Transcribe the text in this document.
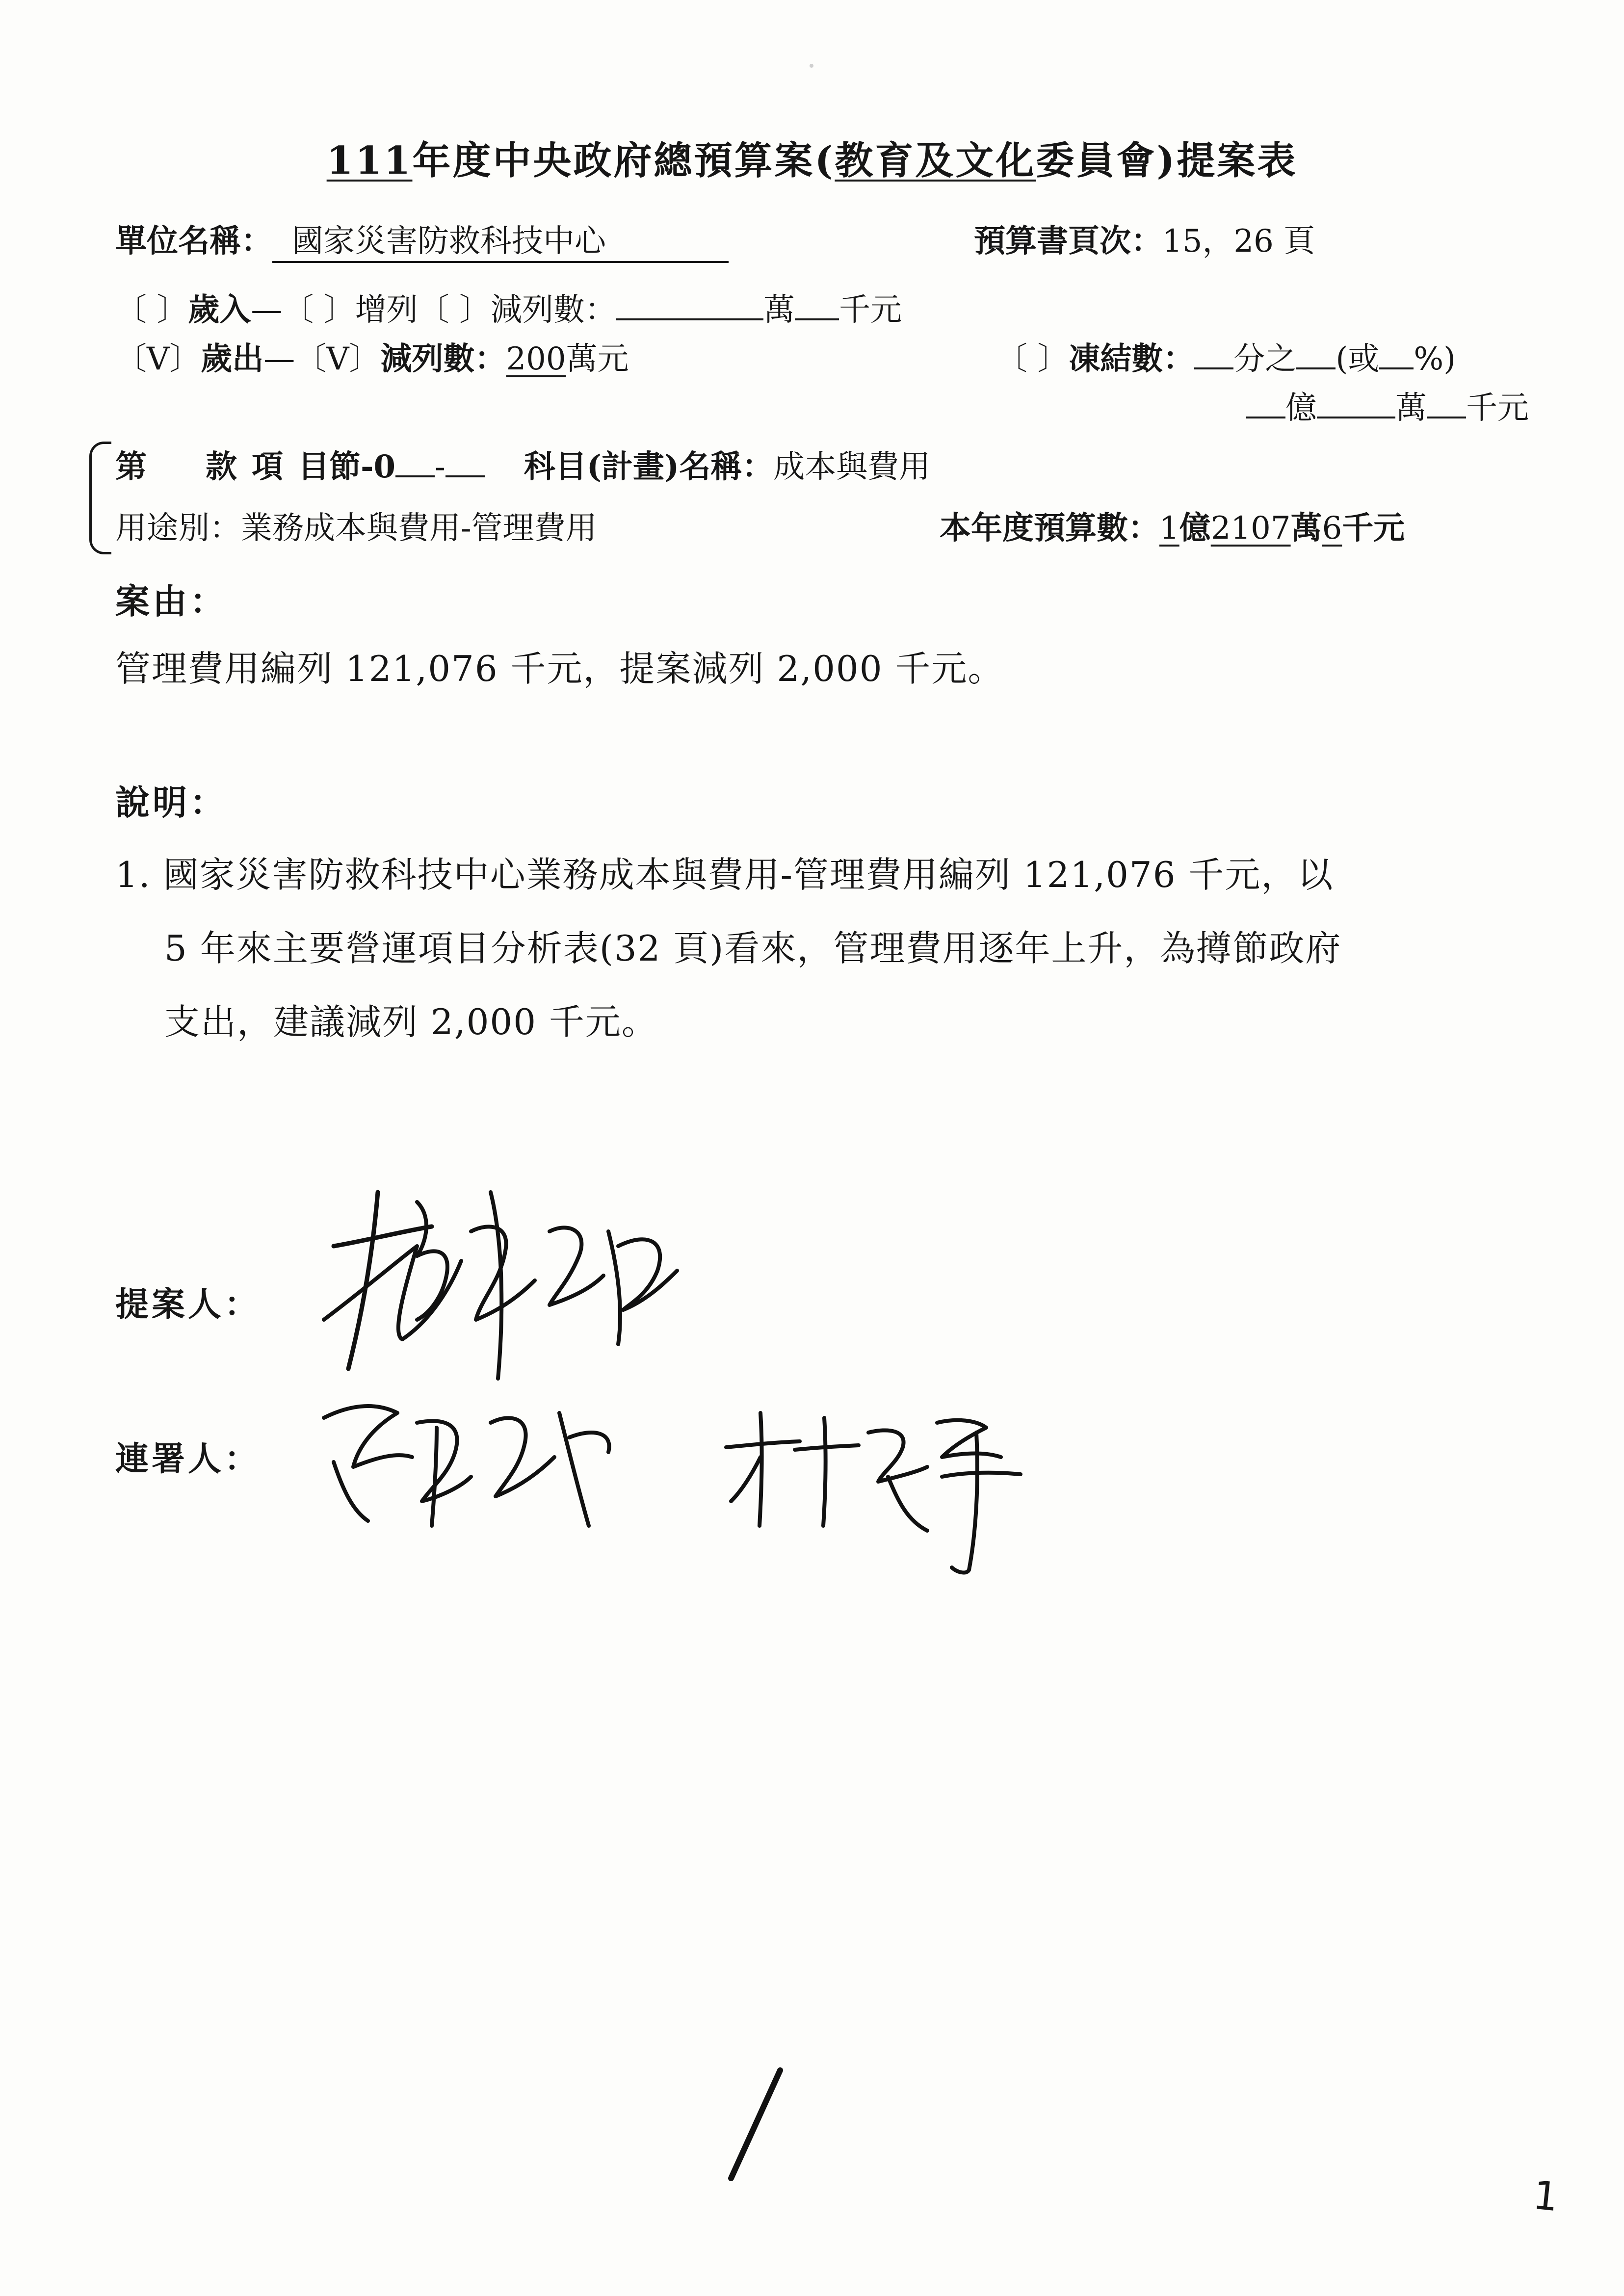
111年度中央政府總預算案(教育及文化委員會)提案表
單位名稱： 國家災害防救科技中心	預算書頁次：15，26 頁
〔 〕歲入—〔 〕增列〔 〕減列數：	萬 千元
〔V〕歲出—〔V〕減列數：200萬元	〔 〕凍結數： 分之 (或 %)
億	萬 千元
第 款 項 目節-0 -	科目(計畫)名稱：成本與費用
用途別：業務成本與費用-管理費用	本年度預算數：1億2107萬6千元
案由：
管理費用編列 121,076 千元，提案減列 2,000 千元。
說明：
1. 國家災害防救科技中心業務成本與費用-管理費用編列 121,076 千元，以
5 年來主要營運項目分析表(32 頁)看來，管理費用逐年上升，為撙節政府
支出，建議減列 2,000 千元。
提案人：
連署人：
1
